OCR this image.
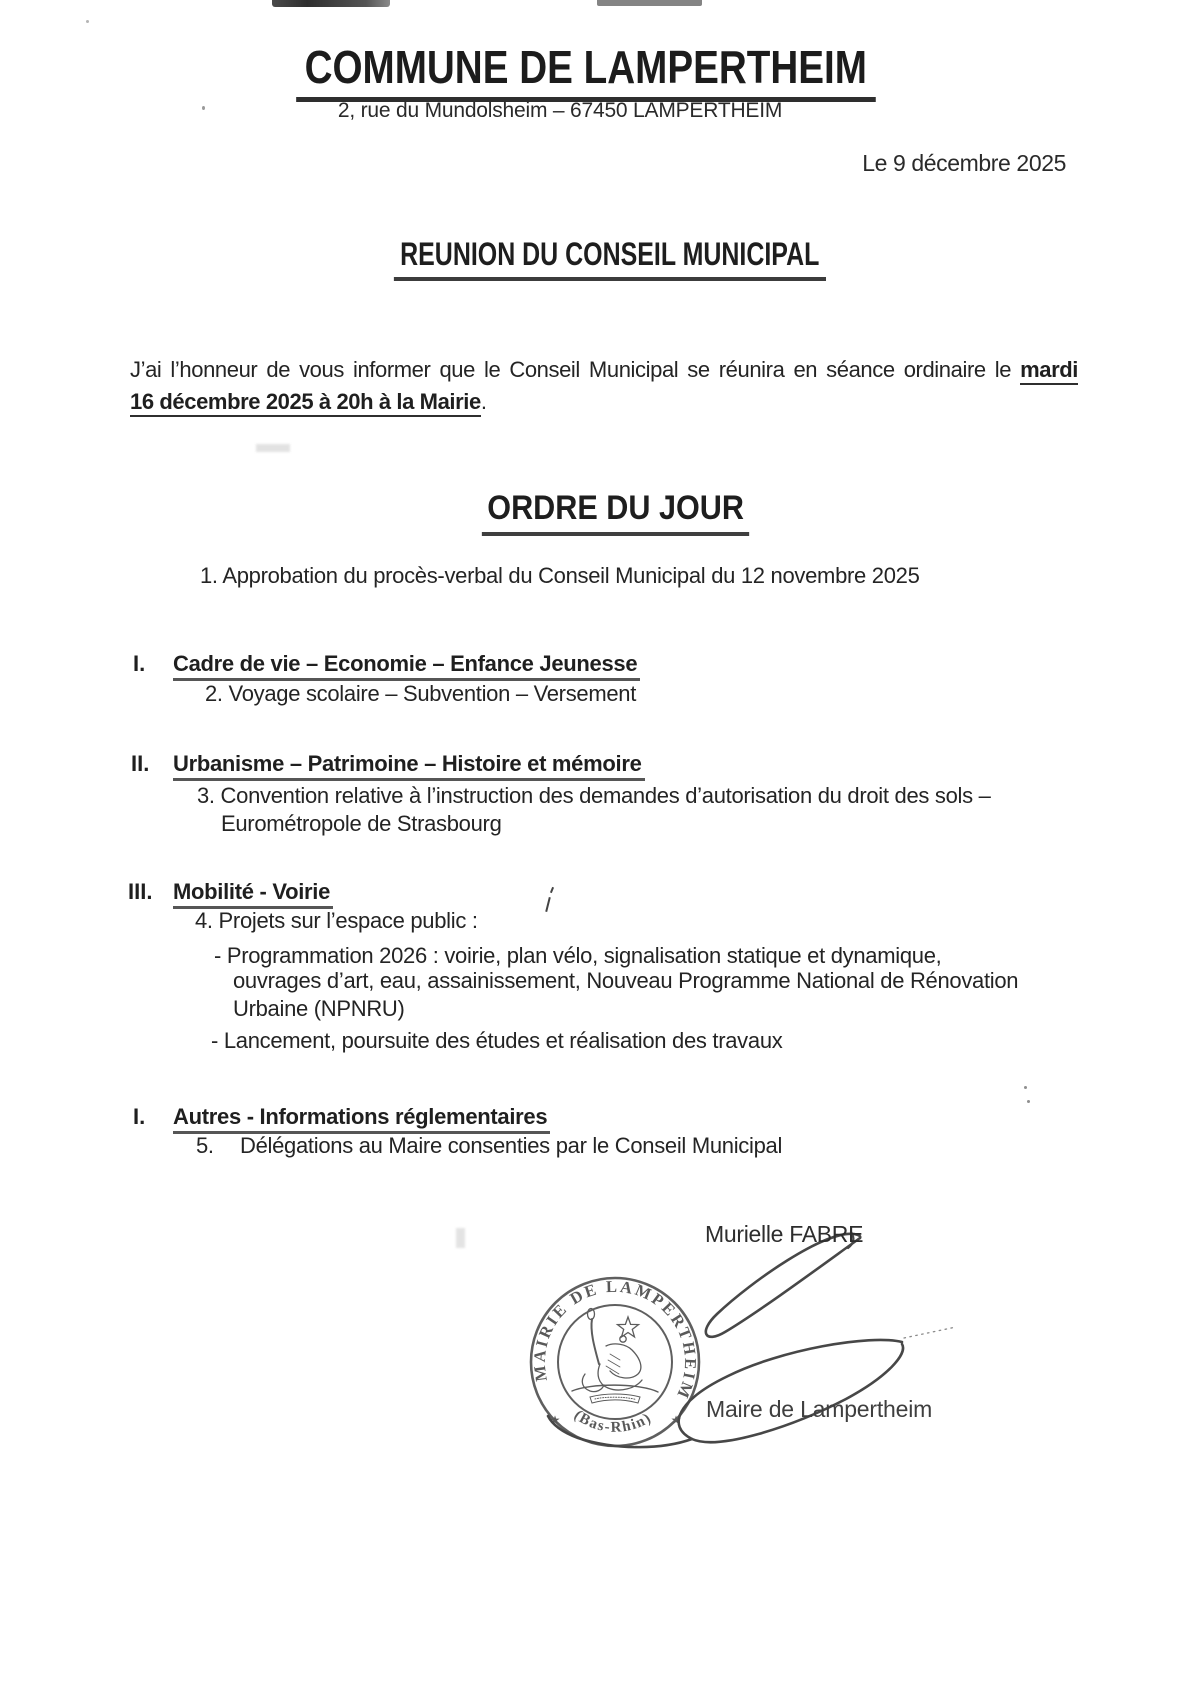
COMMUNE DE LAMPERTHEIM
2, rue du Mundolsheim – 67450 LAMPERTHEIM
Le 9 décembre 2025
REUNION DU CONSEIL MUNICIPAL
J’ai l’honneur de vous informer que le Conseil Municipal se réunira en séance ordinaire le mardi
16 décembre 2025 à 20h à la Mairie.
ORDRE DU JOUR
1. Approbation du procès-verbal du Conseil Municipal du 12 novembre 2025
I. Cadre de vie – Economie – Enfance Jeunesse
2. Voyage scolaire – Subvention – Versement
II. Urbanisme – Patrimoine – Histoire et mémoire
3. Convention relative à l’instruction des demandes d’autorisation du droit des sols –
Eurométropole de Strasbourg
III. Mobilité - Voirie
4. Projets sur l’espace public :
- Programmation 2026 : voirie, plan vélo, signalisation statique et dynamique,
ouvrages d’art, eau, assainissement, Nouveau Programme National de Rénovation
Urbaine (NPNRU)
- Lancement, poursuite des études et réalisation des travaux
I. Autres - Informations réglementaires
5. Délégations au Maire consenties par le Conseil Municipal
MAIRIE DE LAMPERTHEIM
(Bas-Rhin)
★	★
Murielle FABRE
Maire de Lampertheim
